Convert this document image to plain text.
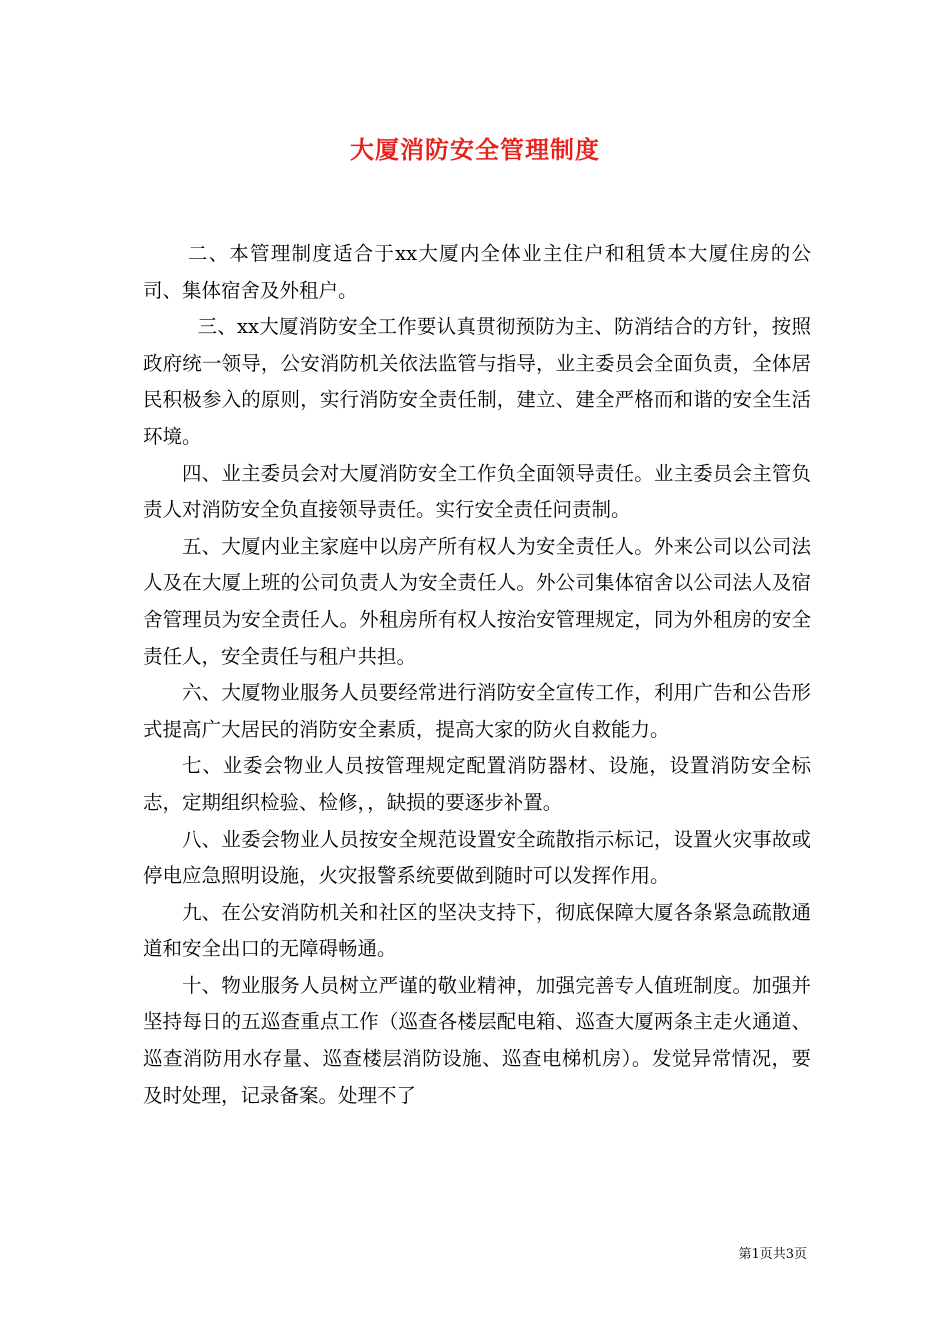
大厦消防安全管理制度

二、本管理制度适合于xx大厦内全体业主住户和租赁本大厦住房的公司、集体宿舍及外租户。

三、xx大厦消防安全工作要认真贯彻预防为主、防消结合的方针，按照政府统一领导，公安消防机关依法监管与指导，业主委员会全面负责，全体居民积极参入的原则，实行消防安全责任制，建立、建全严格而和谐的安全生活环境。

四、业主委员会对大厦消防安全工作负全面领导责任。业主委员会主管负责人对消防安全负直接领导责任。实行安全责任问责制。

五、大厦内业主家庭中以房产所有权人为安全责任人。外来公司以公司法人及在大厦上班的公司负责人为安全责任人。外公司集体宿舍以公司法人及宿舍管理员为安全责任人。外租房所有权人按治安管理规定，同为外租房的安全责任人，安全责任与租户共担。

六、大厦物业服务人员要经常进行消防安全宣传工作，利用广告和公告形式提高广大居民的消防安全素质，提高大家的防火自救能力。

七、业委会物业人员按管理规定配置消防器材、设施，设置消防安全标志，定期组织检验、检修，，缺损的要逐步补置。

八、业委会物业人员按安全规范设置安全疏散指示标记，设置火灾事故或停电应急照明设施，火灾报警系统要做到随时可以发挥作用。

九、在公安消防机关和社区的坚决支持下，彻底保障大厦各条紧急疏散通道和安全出口的无障碍畅通。

十、物业服务人员树立严谨的敬业精神，加强完善专人值班制度。加强并坚持每日的五巡查重点工作（巡查各楼层配电箱、巡查大厦两条主走火通道、巡查消防用水存量、巡查楼层消防设施、巡查电梯机房）。发觉异常情况，要及时处理，记录备案。处理不了

第1页共3页
